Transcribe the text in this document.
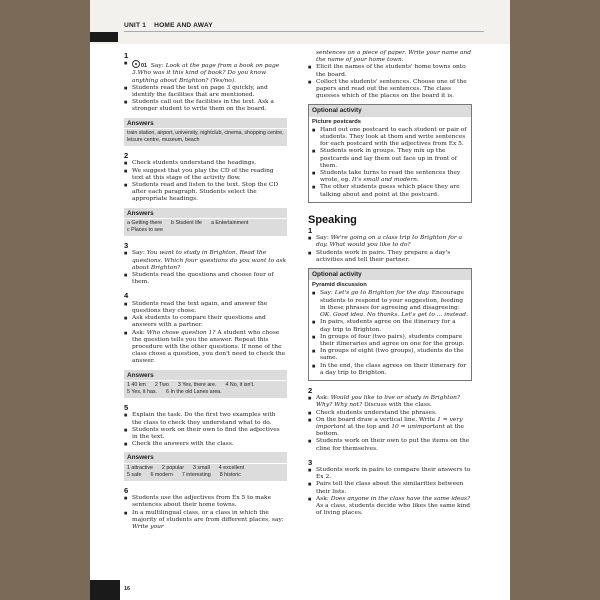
UNIT 1 HOME AND AWAY
1
■ 01 Say: Look at the page from a book on page 3.Who was it this kind of book? Do you know anything about Brighton? (Yes/no).
■ Students read the text on page 3 quickly, and identify the facilities that are mentioned.
■ Students call out the facilities in the text. Ask a stronger student to write them on the board.
Answers
train station, airport, university, nightclub, cinema, shopping centre, leisure centre, museum, beach
2
■ Check students understand the headings.
■ We suggest that you play the CD of the reading text at this stage of the activity flow.
■ Students read and listen to the text. Stop the CD after each paragraph. Students select the appropriate headings.
Answers
a Getting there b Student life a Entertainment
c Places to see
3
■ Say: You want to study in Brighton. Read the questions. Which four questions do you want to ask about Brighton?
■ Students read the questions and choose four of them.
4
■ Students read the text again, and answer the questions they chose.
■ Ask students to compare their questions and answers with a partner.
■ Ask: Who chose question 1? A student who chose the question tells you the answer. Repeat this procedure with the other questions. If none of the class chose a question, you don't need to check the answer.
Answers
1 40 km 2 Two 3 Yes, there are. 4 No, it isn't.
5 Yes, it has. 6 In the old Lanes area.
5
■ Explain the task. Do the first two examples with the class to check they understand what to do.
■ Students work on their own to find the adjectives in the text.
■ Check the answers with the class.
Answers
1 attractive 2 popular 3 small 4 excellent
5 safe 6 modern 7 interesting 8 historic
6
■ Students use the adjectives from Ex 5 to make sentences about their home towns.
■ In a multilingual class, or a class in which the majority of students are from different places, say: Write your
sentences on a piece of paper. Write your name and the name of your home town.
■ Elicit the names of the students' home towns onto the board.
■ Collect the students' sentences. Choose one of the papers and read out the sentences. The class guesses which of the places on the board it is.
Optional activity
Picture postcards
■ Hand out one postcard to each student or pair of students. They look at them and write sentences for each postcard with the adjectives from Ex 5.
■ Students work in groups. They mix up the postcards and lay them out face up in front of them.
■ Students take turns to read the sentences they wrote, eg. It's small and modern.
■ The other students guess which place they are talking about and point at the postcard.
Speaking
1
■ Say: We're going on a class trip to Brighton for a day. What would you like to do?
■ Students work in pairs. They prepare a day's activities and tell their partner.
Optional activity
Pyramid discussion
■ Say: Let's go to Brighton for the day. Encourage students to respond to your suggestion, feeding in these phrases for agreeing and disagreeing: OK. Good idea. No thanks. Let's get to ... instead.
■ In pairs, students agree on the itinerary for a day trip to Brighton.
■ In groups of four (two pairs), students compare their itineraries and agree on one for the group.
■ In groups of eight (two groups), students do the same.
■ In the end, the class agrees on their itinerary for a day trip to Brighton.
2
■ Ask: Would you like to live or study in Brighton? Why? Why not? Discuss with the class.
■ Check students understand the phrases.
■ On the board draw a vertical line. Write 1 = very important at the top and 10 = unimportant at the bottom.
■ Students work on their own to put the items on the cline for themselves.
3
■ Students work in pairs to compare their answers to Ex 2.
■ Pairs tell the class about the similarities between their lists.
■ Ask: Does anyone in the class have the same ideas? As a class, students decide who likes the same kind of living places.
16
